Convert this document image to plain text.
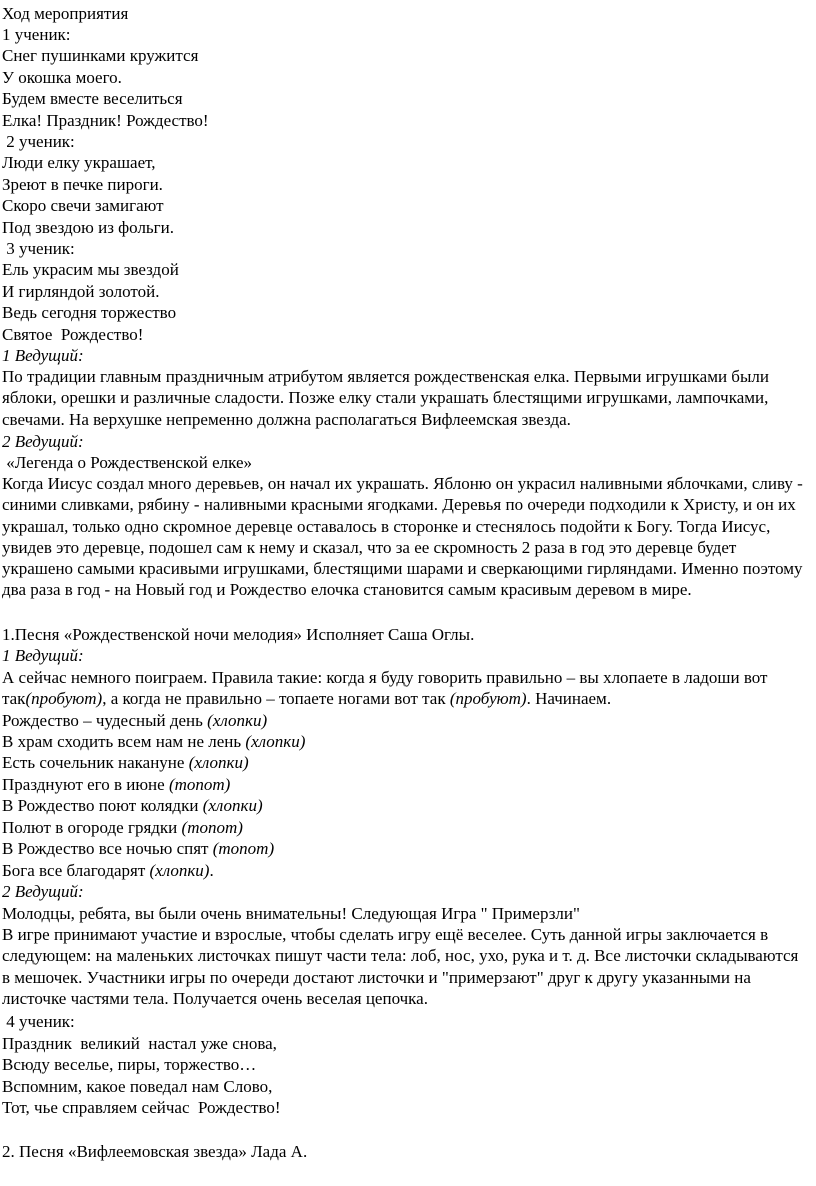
Ход мероприятия
1 ученик:
Снег пушинками кружится
У окошка моего.
Будем вместе веселиться
Елка! Праздник! Рождество!
2 ученик:
Люди елку украшает,
Зреют в печке пироги.
Скоро свечи замигают
Под звездою из фольги.
3 ученик:
Ель украсим мы звездой
И гирляндой золотой.
Ведь сегодня торжество
Святое  Рождество!
1 Ведущий:
По традиции главным праздничным атрибутом является рождественская елка. Первыми игрушками были яблоки, орешки и различные сладости. Позже елку стали украшать блестящими игрушками, лампочками, свечами. На верхушке непременно должна располагаться Вифлеемская звезда.
2 Ведущий:
«Легенда о Рождественской елке»
Когда Иисус создал много деревьев, он начал их украшать. Яблоню он украсил наливными яблочками, сливу - синими сливками, рябину - наливными красными ягодками. Деревья по очереди подходили к Христу, и он их украшал, только одно скромное деревце оставалось в сторонке и стеснялось подойти к Богу. Тогда Иисус, увидев это деревце, подошел сам к нему и сказал, что за ее скромность 2 раза в год это деревце будет украшено самыми красивыми игрушками, блестящими шарами и сверкающими гирляндами. Именно поэтому два раза в год - на Новый год и Рождество елочка становится самым красивым деревом в мире.
1.Песня «Рождественской ночи мелодия» Исполняет Саша Оглы.
1 Ведущий:
А сейчас немного поиграем. Правила такие: когда я буду говорить правильно – вы хлопаете в ладоши вот так(пробуют), а когда не правильно – топаете ногами вот так (пробуют). Начинаем.
Рождество – чудесный день (хлопки)
В храм сходить всем нам не лень (хлопки)
Есть сочельник накануне (хлопки)
Празднуют его в июне (топот)
В Рождество поют колядки (хлопки)
Полют в огороде грядки (топот)
В Рождество все ночью спят (топот)
Бога все благодарят (хлопки).
2 Ведущий:
Молодцы, ребята, вы были очень внимательны! Следующая Игра " Примерзли"
В игре принимают участие и взрослые, чтобы сделать игру ещё веселее. Суть данной игры заключается в следующем: на маленьких листочках пишут части тела: лоб, нос, ухо, рука и т. д. Все листочки складываются в мешочек. Участники игры по очереди достают листочки и "примерзают" друг к другу указанными на листочке частями тела. Получается очень веселая цепочка.
4 ученик:
Праздник  великий  настал уже снова,
Всюду веселье, пиры, торжество…
Вспомним, какое поведал нам Слово,
Тот, чье справляем сейчас  Рождество!
2. Песня «Вифлеемовская звезда» Лада А.
